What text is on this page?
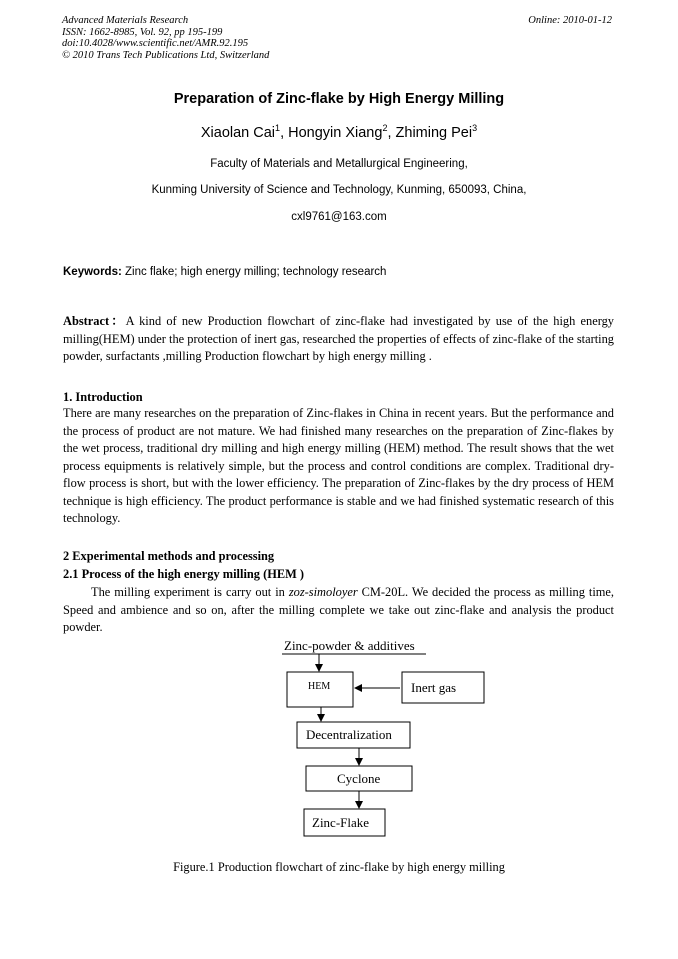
Advanced Materials Research
ISSN: 1662-8985, Vol. 92, pp 195-199
doi:10.4028/www.scientific.net/AMR.92.195
© 2010 Trans Tech Publications Ltd, Switzerland
Online: 2010-01-12
Preparation of Zinc-flake by High Energy Milling
Xiaolan Cai$^1$, Hongyin Xiang$^2$, Zhiming Pei$^3$
Faculty of Materials and Metallurgical Engineering,
Kunming University of Science and Technology, Kunming, 650093, China,
cxl9761@163.com
Keywords: Zinc flake; high energy milling; technology research
Abstract：A kind of new Production flowchart of zinc-flake had investigated by use of the high energy milling(HEM) under the protection of inert gas, researched the properties of effects of zinc-flake of the starting powder, surfactants ,milling Production flowchart by high energy milling .
1. Introduction
There are many researches on the preparation of Zinc-flakes in China in recent years. But the performance and the process of product are not mature. We had finished many researches on the preparation of Zinc-flakes by the wet process, traditional dry milling and high energy milling (HEM) method. The result shows that the wet process equipments is relatively simple, but the process and control conditions are complex. Traditional dry-flow process is short, but with the lower efficiency. The preparation of Zinc-flakes by the dry process of HEM technique is high efficiency. The product performance is stable and we had finished systematic research of this technology.
2 Experimental methods and processing
2.1 Process of the high energy milling (HEM )
The milling experiment is carry out in zoz-simoloyer CM-20L. We decided the process as milling time, Speed and ambience and so on, after the milling complete we take out zinc-flake and analysis the product powder.
Zinc-powder & additives
HEM	Inert gas
Decentralization
Cyclone
Zinc-Flake
Figure.1 Production flowchart of zinc-flake by high energy milling
